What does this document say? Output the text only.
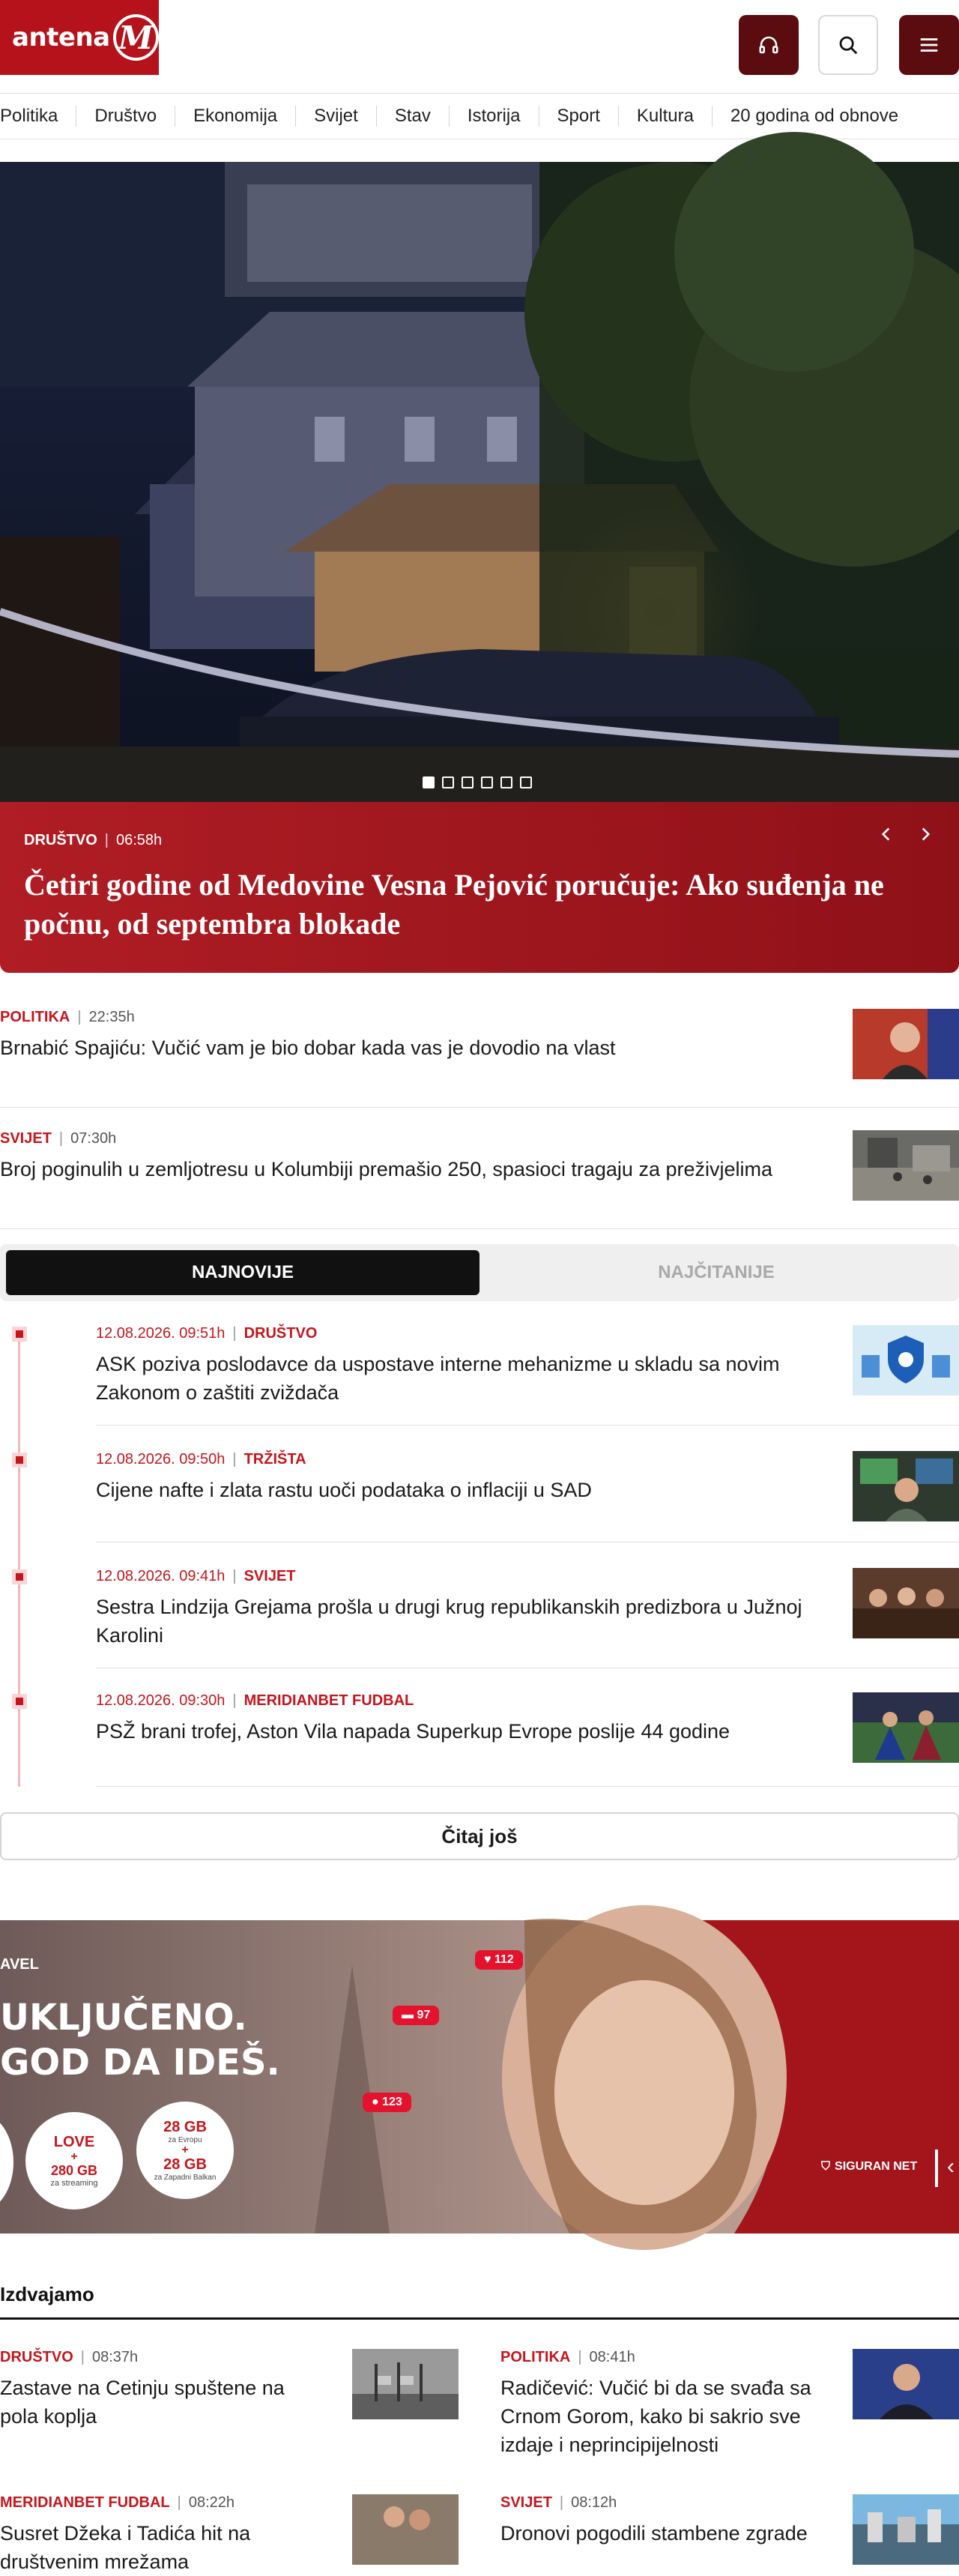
antena M
Politika	Društvo	Ekonomija	Svijet	Stav	Istorija	Sport	Kultura	20 godina od obnove
DRUŠTVO | 06:58h
Četiri godine od Medovine Vesna Pejović poručuje: Ako suđenja ne počnu, od septembra blokade
POLITIKA | 22:35h
Brnabić Spajiću: Vučić vam je bio dobar kada vas je dovodio na vlast
SVIJET | 07:30h
Broj poginulih u zemljotresu u Kolumbiji premašio 250, spasioci tragaju za preživjelima
NAJNOVIJE	NAJČITANIJE
12.08.2026. 09:51h | DRUŠTVO
ASK poziva poslodavce da uspostave interne mehanizme u skladu sa novim Zakonom o zaštiti zviždača
12.08.2026. 09:50h | TRŽIŠTA
Cijene nafte i zlata rastu uoči podataka o inflaciji u SAD
12.08.2026. 09:41h | SVIJET
Sestra Lindzija Grejama prošla u drugi krug republikanskih predizbora u Južnoj Karolini
12.08.2026. 09:30h | MERIDIANBET FUDBAL
PSŽ brani trofej, Aston Vila napada Superkup Evrope poslije 44 godine
Čitaj još
AVEL
UKLJUČENO.
GOD DA IDEŠ.
♥ 112
▬ 97
● 123
LOVE
+
280 GB
za streaming
28 GB
za Evropu
+
28 GB
za Zapadni Balkan
⛉ SIGURAN NET ‹
Izdvajamo
DRUŠTVO | 08:37h
Zastave na Cetinju spuštene na pola koplja
POLITIKA | 08:41h
Radičević: Vučić bi da se svađa sa Crnom Gorom, kako bi sakrio sve izdaje i neprincipijelnosti
MERIDIANBET FUDBAL | 08:22h
Susret Džeka i Tadića hit na društvenim mrežama
SVIJET | 08:12h
Dronovi pogodili stambene zgrade
